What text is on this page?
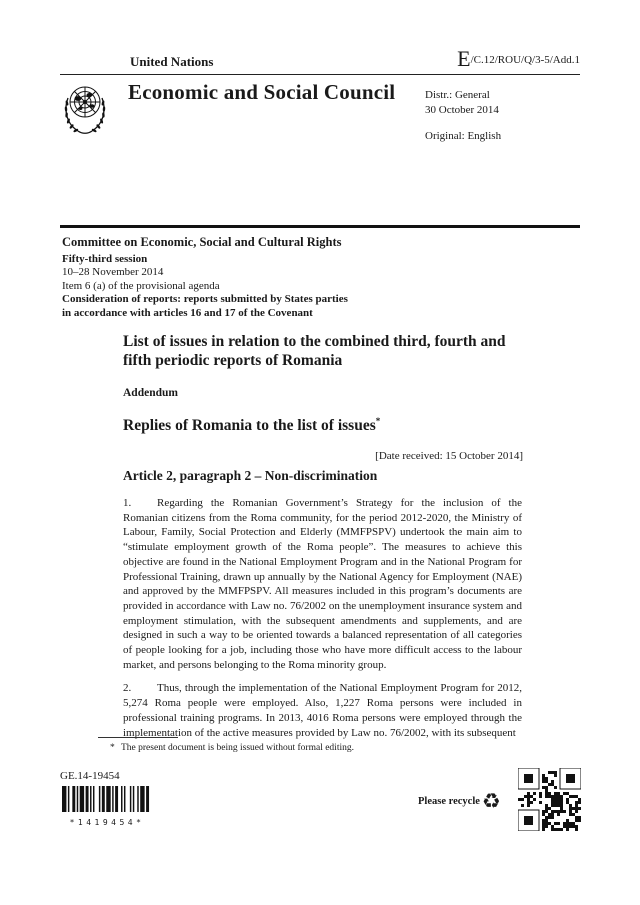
United Nations	E/C.12/ROU/Q/3-5/Add.1
Economic and Social Council	Distr.: General
30 October 2014
Original: English
Committee on Economic, Social and Cultural Rights
Fifty-third session
10–28 November 2014
Item 6 (a) of the provisional agenda
Consideration of reports: reports submitted by States parties
in accordance with articles 16 and 17 of the Covenant
List of issues in relation to the combined third, fourth and fifth periodic reports of Romania
Addendum
Replies of Romania to the list of issues*
[Date received: 15 October 2014]
Article 2, paragraph 2 – Non-discrimination

1. Regarding the Romanian Government’s Strategy for the inclusion of the Romanian citizens from the Roma community, for the period 2012-2020, the Ministry of Labour, Family, Social Protection and Elderly (MMFPSPV) undertook the main aim to “stimulate employment growth of the Roma people”. The measures to achieve this objective are found in the National Employment Program and in the National Program for Professional Training, drawn up annually by the National Agency for Employment (NAE) and approved by the MMFPSPV. All measures included in this program’s documents are provided in accordance with Law no. 76/2002 on the unemployment insurance system and employment stimulation, with the subsequent amendments and supplements, and are designed in such a way to be oriented towards a balanced representation of all categories of people looking for a job, including those who have more difficult access to the labour market, and persons belonging to the Roma minority group.

2. Thus, through the implementation of the National Employment Program for 2012, 5,274 Roma people were employed. Also, 1,227 Roma persons were included in professional training programs. In 2013, 4016 Roma persons were employed through the implementation of the active measures provided by Law no. 76/2002, with its subsequent

* The present document is being issued without formal editing.
GE.14-19454
*1419454*
Please recycle ♻
